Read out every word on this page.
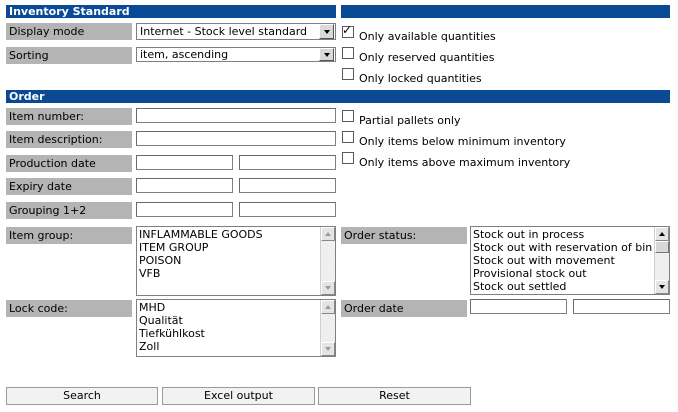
Inventory Standard
Display mode	Internet - Stock level standard
Sorting	item, ascending
✓ Only available quantities
Only reserved quantities
Only locked quantities
Order
Item number:
Item description:
Production date
Expiry date
Grouping 1+2
Partial pallets only
Only items below minimum inventory
Only items above maximum inventory
Item group:	INFLAMMABLE GOODS
ITEM GROUP
POISON
VFB
Order status:	Stock out in process
Stock out with reservation of bin
Stock out with movement
Provisional stock out
Stock out settled
Lock code:	MHD
Qualität
Tiefkühlkost
Zoll
Order date
Search	Excel output	Reset
